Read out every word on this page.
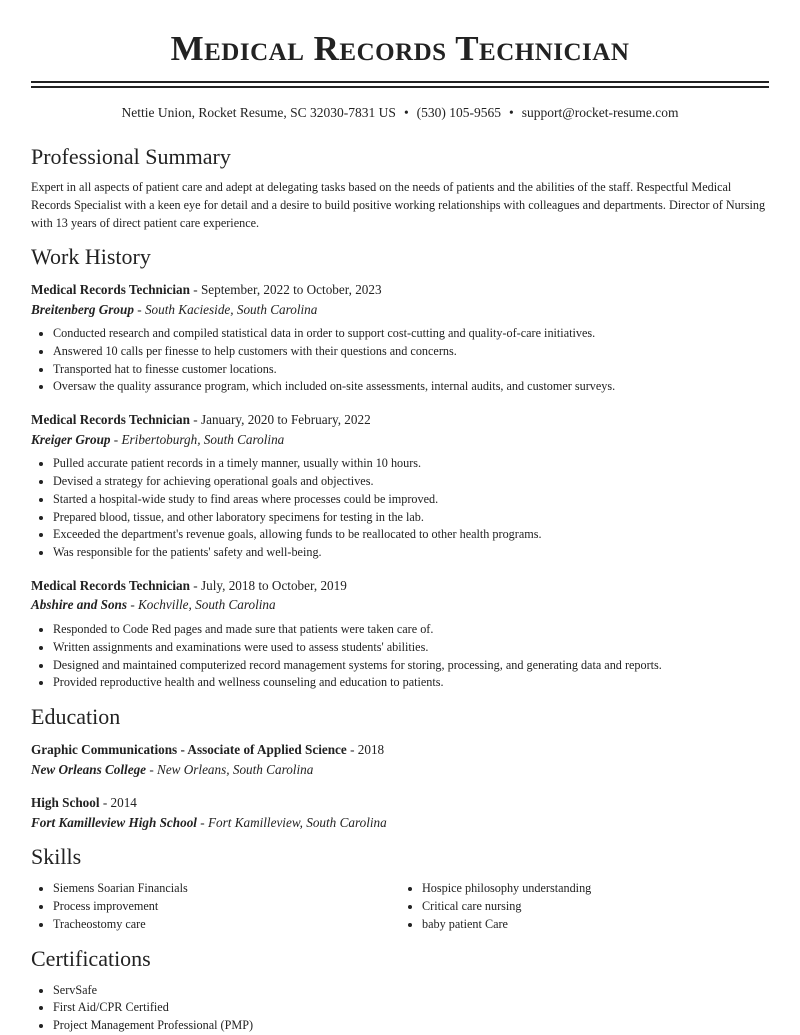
Medical Records Technician
Nettie Union, Rocket Resume, SC 32030-7831 US • (530) 105-9565 • support@rocket-resume.com
Professional Summary

Expert in all aspects of patient care and adept at delegating tasks based on the needs of patients and the abilities of the staff. Respectful Medical Records Specialist with a keen eye for detail and a desire to build positive working relationships with colleagues and departments. Director of Nursing with 13 years of direct patient care experience.

Work History
Medical Records Technician - September, 2022 to October, 2023
Breitenberg Group - South Kacieside, South Carolina
• Conducted research and compiled statistical data in order to support cost-cutting and quality-of-care initiatives.
• Answered 10 calls per finesse to help customers with their questions and concerns.
• Transported hat to finesse customer locations.
• Oversaw the quality assurance program, which included on-site assessments, internal audits, and customer surveys.
Medical Records Technician - January, 2020 to February, 2022
Kreiger Group - Eribertoburgh, South Carolina
• Pulled accurate patient records in a timely manner, usually within 10 hours.
• Devised a strategy for achieving operational goals and objectives.
• Started a hospital-wide study to find areas where processes could be improved.
• Prepared blood, tissue, and other laboratory specimens for testing in the lab.
• Exceeded the department's revenue goals, allowing funds to be reallocated to other health programs.
• Was responsible for the patients' safety and well-being.
Medical Records Technician - July, 2018 to October, 2019
Abshire and Sons - Kochville, South Carolina
• Responded to Code Red pages and made sure that patients were taken care of.
• Written assignments and examinations were used to assess students' abilities.
• Designed and maintained computerized record management systems for storing, processing, and generating data and reports.
• Provided reproductive health and wellness counseling and education to patients.
Education
Graphic Communications - Associate of Applied Science - 2018
New Orleans College - New Orleans, South Carolina
High School - 2014
Fort Kamilleview High School - Fort Kamilleview, South Carolina
Skills
• Siemens Soarian Financials
• Process improvement
• Tracheostomy care
• Hospice philosophy understanding
• Critical care nursing
• baby patient Care
Certifications
• ServSafe
• First Aid/CPR Certified
• Project Management Professional (PMP)
